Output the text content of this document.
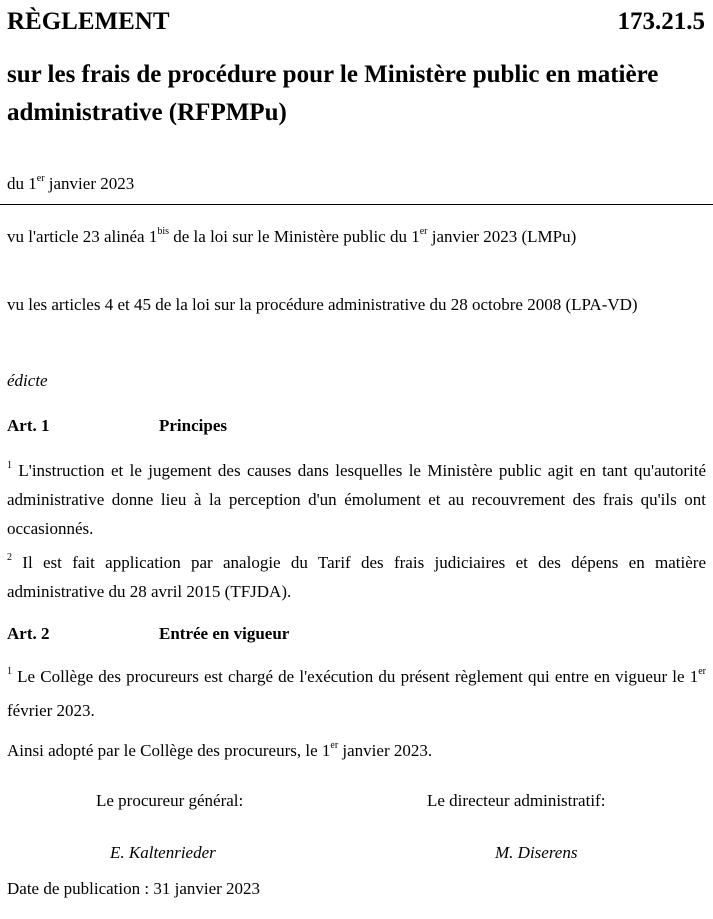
RÈGLEMENT	173.21.5
sur les frais de procédure pour le Ministère public en matière administrative (RFPMPu)
du 1er janvier 2023

vu l'article 23 alinéa $1^{bis}$ de la loi sur le Ministère public du 1er janvier 2023 (LMPu)

vu les articles 4 et 45 de la loi sur la procédure administrative du 28 octobre 2008 (LPA-VD)

édicte

Art. 1	Principes

$^1$ L'instruction et le jugement des causes dans lesquelles le Ministère public agit en tant qu'autorité administrative donne lieu à la perception d'un émolument et au recouvrement des frais qu'ils ont occasionnés.

$^2$ Il est fait application par analogie du Tarif des frais judiciaires et des dépens en matière administrative du 28 avril 2015 (TFJDA).

Art. 2	Entrée en vigueur

$^1$ Le Collège des procureurs est chargé de l'exécution du présent règlement qui entre en vigueur le 1er février 2023.

Ainsi adopté par le Collège des procureurs, le 1er janvier 2023.

Le procureur général:	Le directeur administratif:
E. Kaltenrieder	M. Diserens
Date de publication : 31 janvier 2023
